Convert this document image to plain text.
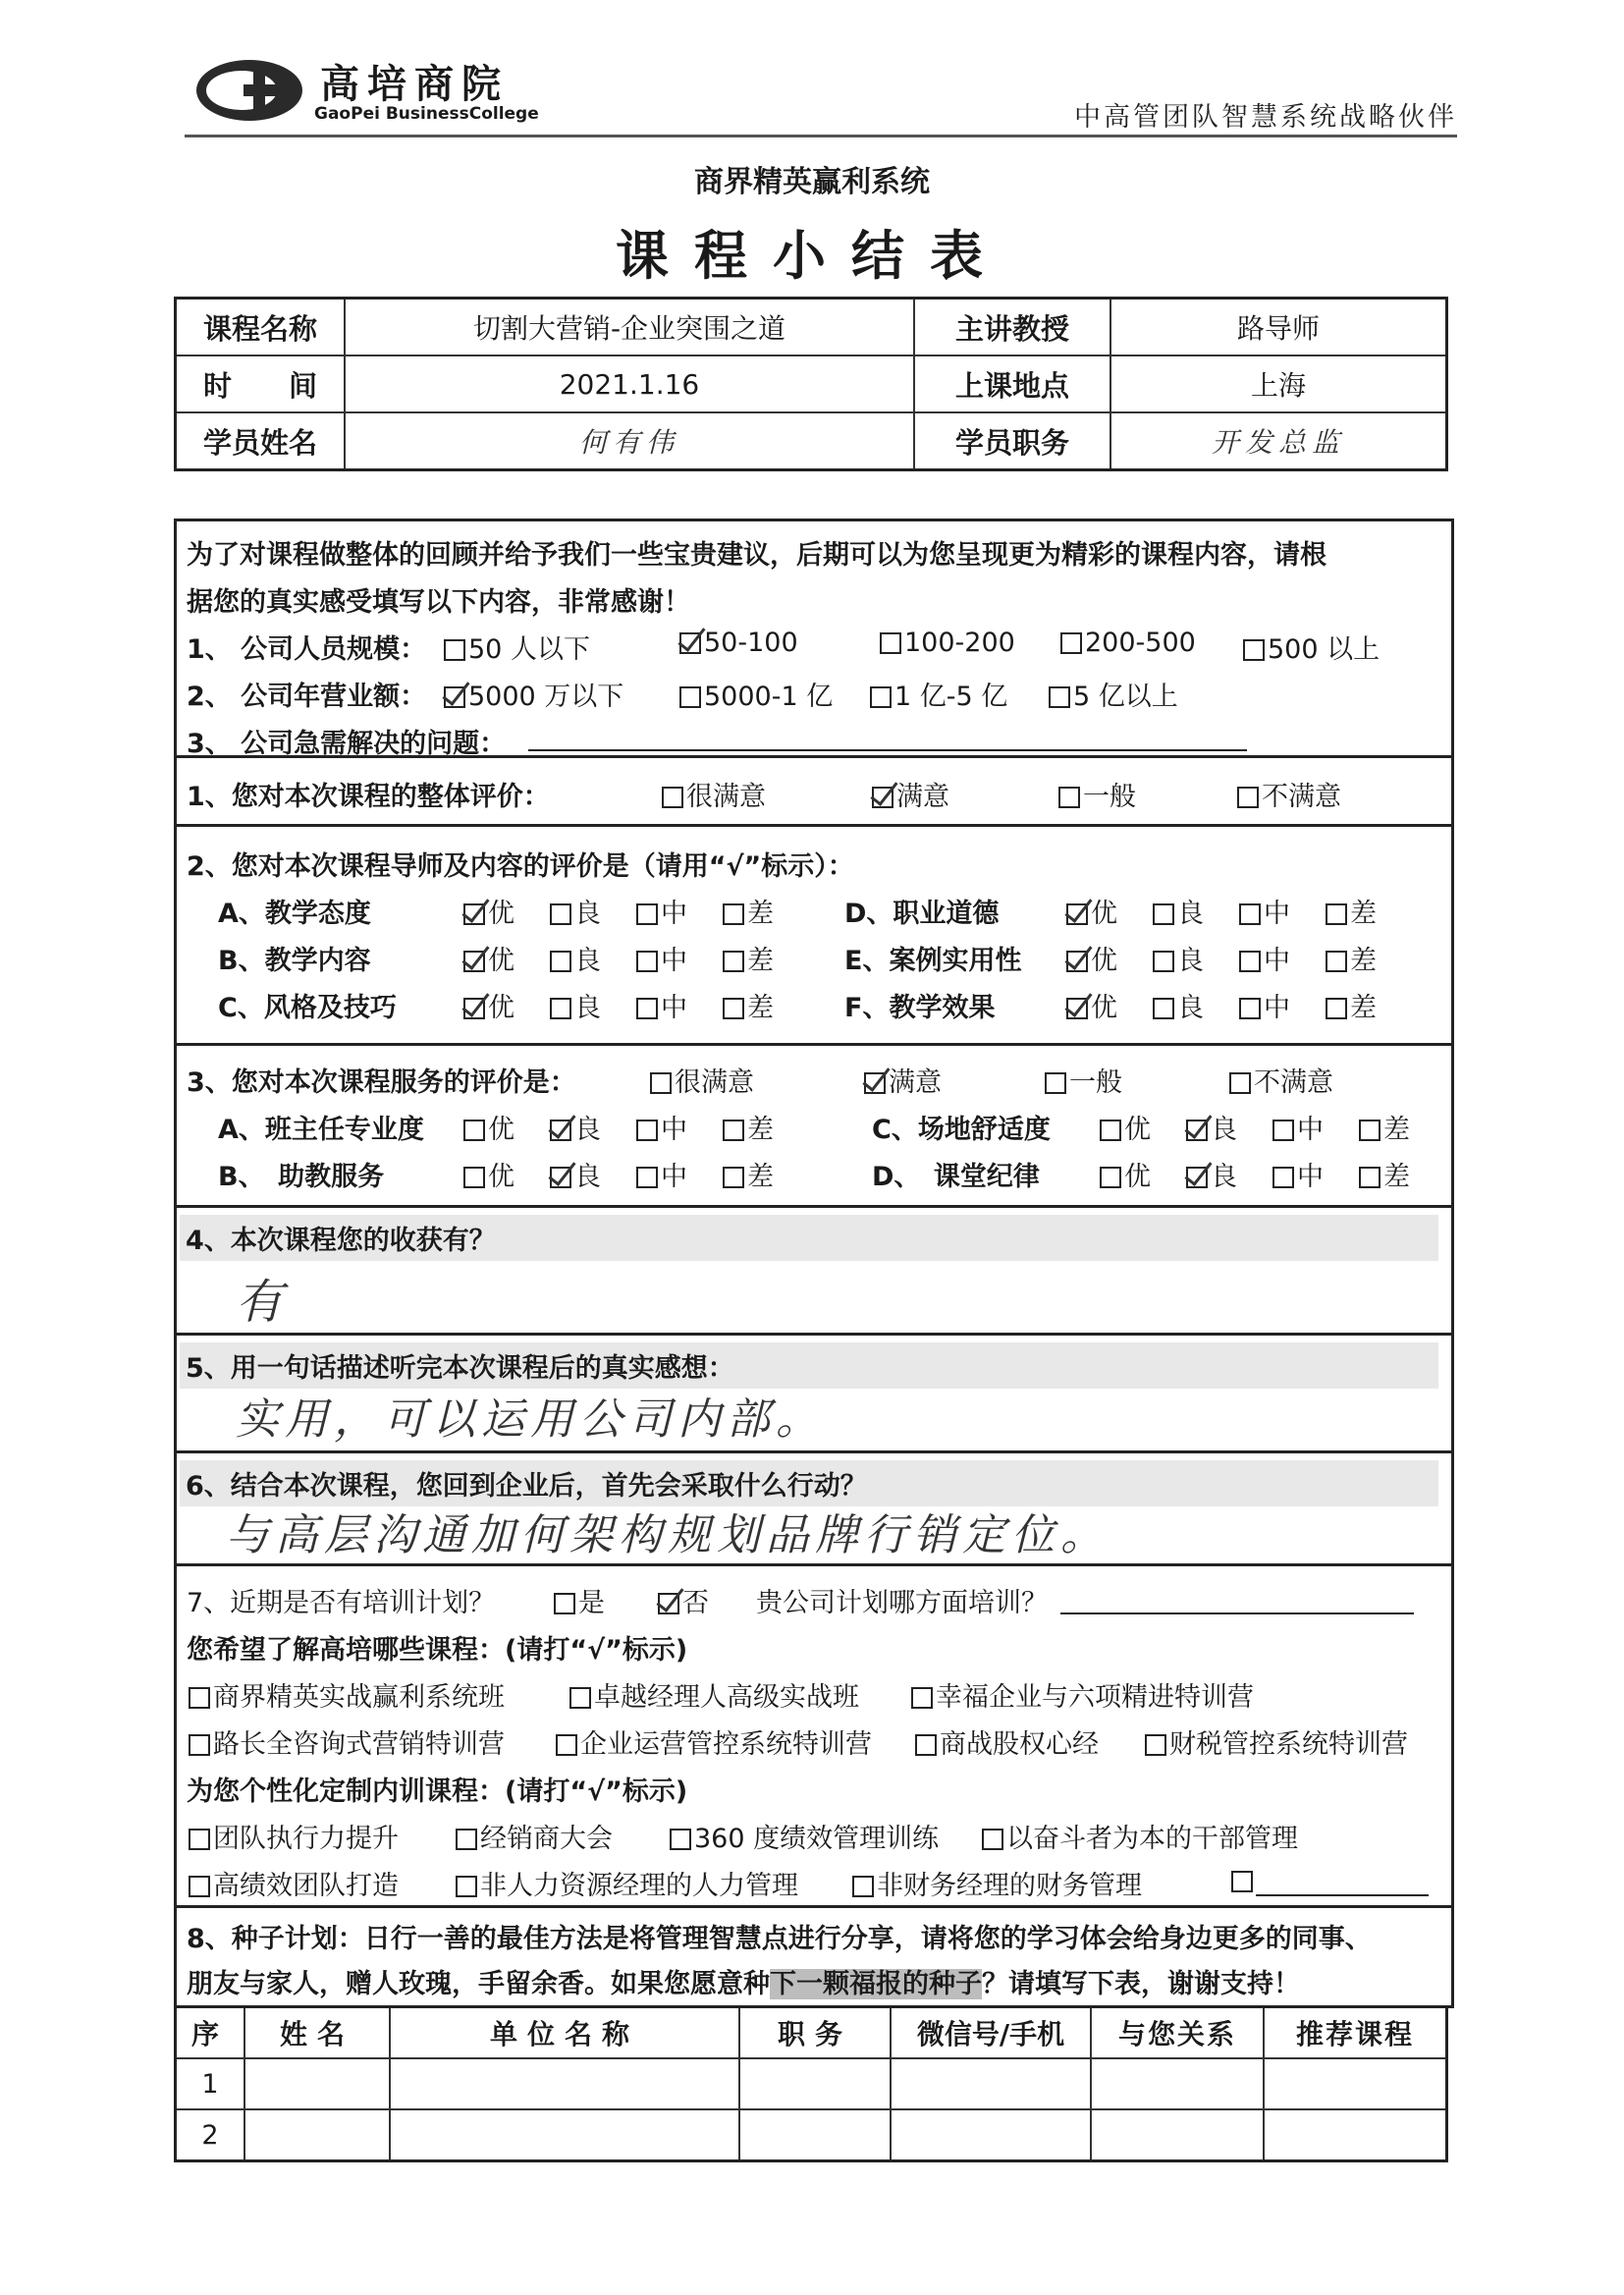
高培商院
GaoPei BusinessCollege	中高管团队智慧系统战略伙伴
商界精英赢利系统
课程小结表
课程名称	切割大营销-企业突围之道	主讲教授	路导师
时　　间	2021.1.16	上课地点	上海
学员姓名	何有伟	学员职务	开发总监
为了对课程做整体的回顾并给予我们一些宝贵建议，后期可以为您呈现更为精彩的课程内容，请根
据您的真实感受填写以下内容，非常感谢！
1、 公司人员规模：	50 人以下	50-100	100-200	200-500	500 以上
2、 公司年营业额：	5000 万以下	5000-1 亿	1 亿-5 亿	5 亿以上
3、 公司急需解决的问题：
1、您对本次课程的整体评价：	很满意	满意	一般	不满意
2、您对本次课程导师及内容的评价是（请用“√”标示）：
A、教学态度	优	良	中	差
B、教学内容	优	良	中	差
C、风格及技巧	优	良	中	差
D、职业道德	优	良	中	差
E、案例实用性	优	良	中	差
F、教学效果	优	良	中	差
3、您对本次课程服务的评价是：	很满意	满意	一般	不满意
A、班主任专业度	优	良	中	差
B、　助教服务	优	良	中	差
C、场地舒适度	优	良	中	差
D、　课堂纪律	优	良	中	差
4、本次课程您的收获有？
有
5、用一句话描述听完本次课程后的真实感想：
实用，可以运用公司内部。
6、结合本次课程，您回到企业后，首先会采取什么行动？
与高层沟通加何架构规划品牌行销定位。
7、近期是否有培训计划？	是	否 贵公司计划哪方面培训？
您希望了解高培哪些课程：(请打“√”标示)
商界精英实战赢利系统班	卓越经理人高级实战班	幸福企业与六项精进特训营
路长全咨询式营销特训营	企业运营管控系统特训营	商战股权心经	财税管控系统特训营
为您个性化定制内训课程：(请打“√”标示)
团队执行力提升	经销商大会	360 度绩效管理训练	以奋斗者为本的干部管理
高绩效团队打造	非人力资源经理的人力管理	非财务经理的财务管理

8、种子计划：日行一善的最佳方法是将管理智慧点进行分享，请将您的学习体会给身边更多的同事、
朋友与家人，赠人玫瑰，手留余香。如果您愿意种下一颗福报的种子？请填写下表，谢谢支持！
序	姓名	单位名称	职务	微信号/手机	与您关系	推荐课程
1						
2						
